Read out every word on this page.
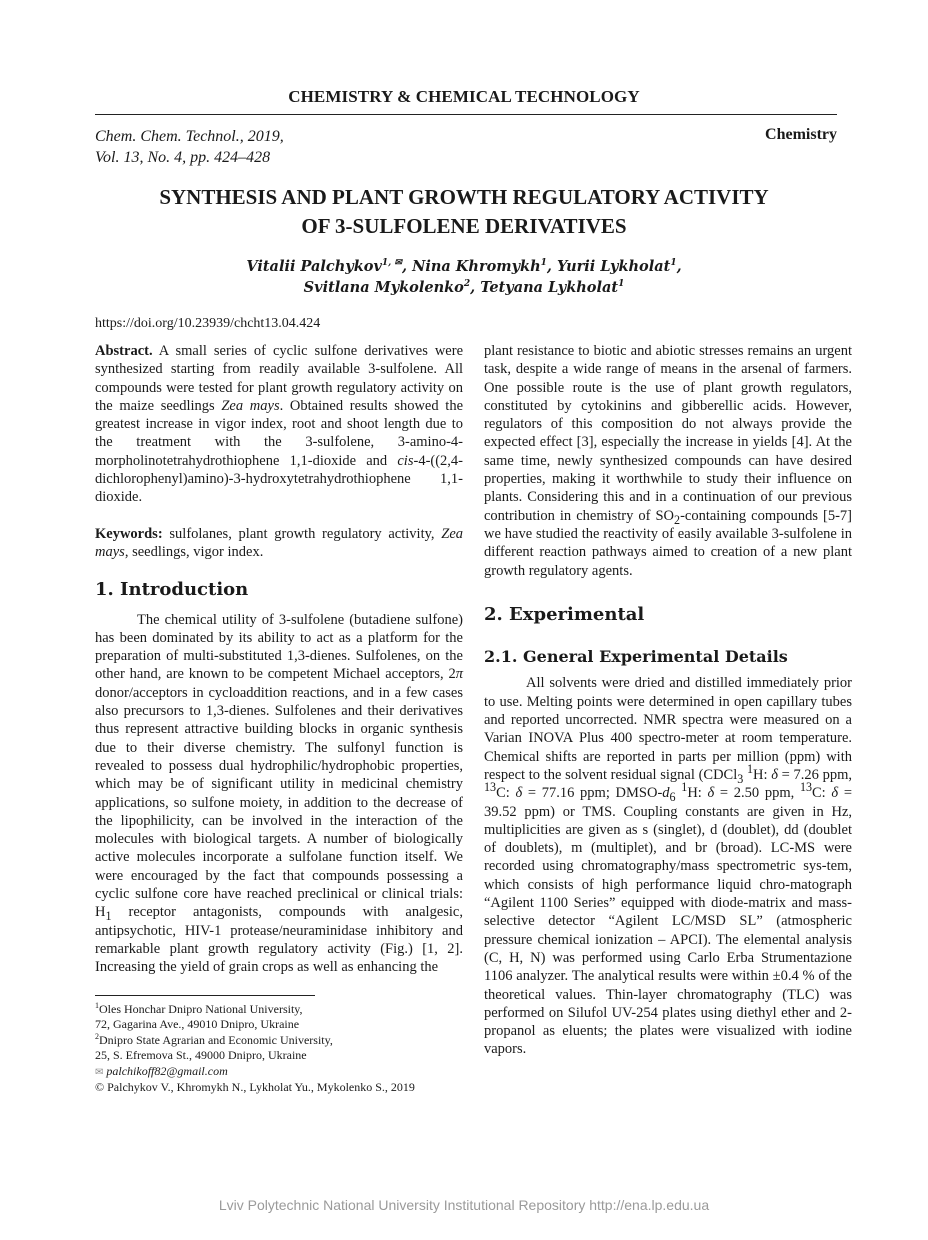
CHEMISTRY & CHEMICAL TECHNOLOGY
Chem. Chem. Technol., 2019,
Vol. 13, No. 4, pp. 424–428
Chemistry
SYNTHESIS AND PLANT GROWTH REGULATORY ACTIVITY
OF 3-SULFOLENE DERIVATIVES
Vitalii Palchykov$^{1, ✉}$, Nina Khromykh$^1$, Yurii Lykholat$^1$,
Svitlana Mykolenko$^2$, Tetyana Lykholat$^1$
https://doi.org/10.23939/chcht13.04.424

Abstract. A small series of cyclic sulfone derivatives were synthesized starting from readily available 3-sulfolene. All compounds were tested for plant growth regulatory activity on the maize seedlings Zea mays. Obtained results showed the greatest increase in vigor index, root and shoot length due to the treatment with the 3-sulfolene, 3-amino-4-morpholinotetrahydrothiophene 1,1-dioxide and cis-4-((2,4-dichlorophenyl)amino)-3-hydroxytetrahydrothiophene 1,1-dioxide.

Keywords: sulfolanes, plant growth regulatory activity, Zea mays, seedlings, vigor index.

1. Introduction

The chemical utility of 3-sulfolene (butadiene sulfone) has been dominated by its ability to act as a platform for the preparation of multi-substituted 1,3-dienes. Sulfolenes, on the other hand, are known to be competent Michael acceptors, 2π donor/acceptors in cycloaddition reactions, and in a few cases also precursors to 1,3-dienes. Sulfolenes and their derivatives thus represent attractive building blocks in organic synthesis due to their diverse chemistry. The sulfonyl function is revealed to possess dual hydrophilic/hydrophobic properties, which may be of significant utility in medicinal chemistry applications, so sulfone moiety, in addition to the decrease of the lipophilicity, can be involved in the interaction of the molecules with biological targets. A number of biologically active molecules incorporate a sulfolane function itself. We were encouraged by the fact that compounds possessing a cyclic sulfone core have reached preclinical or clinical trials: $H_1$ receptor antagonists, compounds with analgesic, antipsychotic, HIV-1 protease/neuraminidase inhibitory and remarkable plant growth regulatory activity (Fig.) [1, 2]. Increasing the yield of grain crops as well as enhancing the

$^1$Oles Honchar Dnipro National University,
72, Gagarina Ave., 49010 Dnipro, Ukraine
$^2$Dnipro State Agrarian and Economic University,
25, S. Efremova St., 49000 Dnipro, Ukraine
✉ palchikoff82@gmail.com
© Palchykov V., Khromykh N., Lykholat Yu., Mykolenko S., 2019

plant resistance to biotic and abiotic stresses remains an urgent task, despite a wide range of means in the arsenal of farmers. One possible route is the use of plant growth regulators, constituted by cytokinins and gibberellic acids. However, regulators of this composition do not always provide the expected effect [3], especially the increase in yields [4]. At the same time, newly synthesized compounds can have desired properties, making it worthwhile to study their influence on plants. Considering this and in a continuation of our previous contribution in chemistry of $SO_2$-containing compounds [5-7] we have studied the reactivity of easily available 3-sulfolene in different reaction pathways aimed to creation of a new plant growth regulatory agents.

2. Experimental
2.1. General Experimental Details

All solvents were dried and distilled immediately prior to use. Melting points were determined in open capillary tubes and reported uncorrected. NMR spectra were measured on a Varian INOVA Plus 400 spectro-meter at room temperature. Chemical shifts are reported in parts per million (ppm) with respect to the solvent residual signal (CDCl$_3$ $^1$H: δ = 7.26 ppm, $^{13}$C: δ = 77.16 ppm; DMSO-$d_6$ $^1$H: δ = 2.50 ppm, $^{13}$C: δ = 39.52 ppm) or TMS. Coupling constants are given in Hz, multiplicities are given as s (singlet), d (doublet), dd (doublet of doublets), m (multiplet), and br (broad). LC-MS were recorded using chromatography/mass spectrometric sys-tem, which consists of high performance liquid chro-matograph “Agilent 1100 Series” equipped with diode-matrix and mass-selective detector “Agilent LC/MSD SL” (atmospheric pressure chemical ionization – APCI). The elemental analysis (C, H, N) was performed using Carlo Erba Strumentazione 1106 analyzer. The analytical results were within ±0.4 % of the theoretical values. Thin-layer chromatography (TLC) was performed on Silufol UV-254 plates using diethyl ether and 2-propanol as eluents; the plates were visualized with iodine vapors.

Lviv Polytechnic National University Institutional Repository http://ena.lp.edu.ua
